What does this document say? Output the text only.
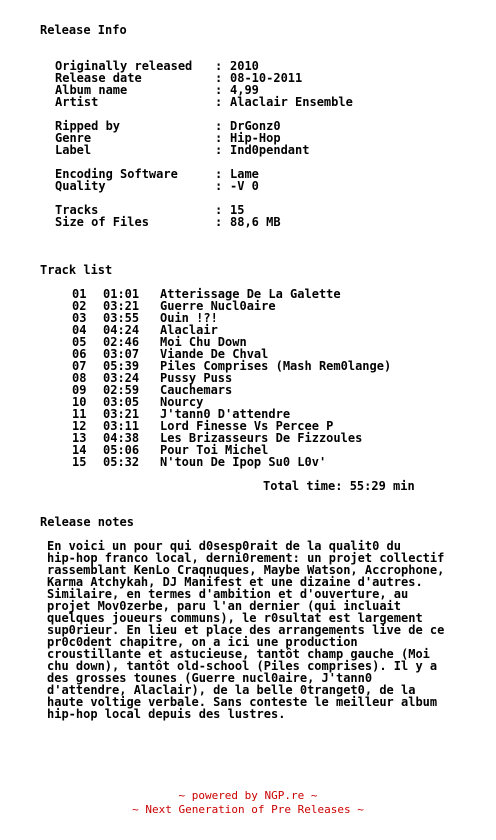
Release Info
Originally released : 2010
Release date	: 08-10-2011
Album name	: 4,99
Artist	: Alaclair Ensemble
Ripped by	: DrGonz0
Genre	: Hip-Hop
Label	: Ind0pendant
Encoding Software	: Lame
Quality	: -V 0
Tracks	: 15
Size of Files	: 88,6 MB
Track list
01 01:01 Atterissage De La Galette
02 03:21 Guerre Nucl0aire
03 03:55 Ouin !?!
04 04:24 Alaclair
05 02:46 Moi Chu Down
06 03:07 Viande De Chval
07 05:39 Piles Comprises (Mash Rem0lange)
08 03:24 Pussy Puss
09 02:59 Cauchemars
10 03:05 Nourcy
11 03:21 J'tann0 D'attendre
12 03:11 Lord Finesse Vs Percee P
13 04:38 Les Brizasseurs De Fizzoules
14 05:06 Pour Toi Michel
15 05:32 N'toun De Ipop Su0 L0v'
Total time: 55:29 min
Release notes
En voici un pour qui d0sesp0rait de la qualit0 du
hip-hop franco local, derni0rement: un projet collectif
rassemblant KenLo Craqnuques, Maybe Watson, Accrophone,
Karma Atchykah, DJ Manifest et une dizaine d'autres.
Similaire, en termes d'ambition et d'ouverture, au
projet Mov0zerbe, paru l'an dernier (qui incluait
quelques joueurs communs), le r0sultat est largement
sup0rieur. En lieu et place des arrangements live de ce
pr0c0dent chapitre, on a ici une production
croustillante et astucieuse, tantôt champ gauche (Moi
chu down), tantôt old-school (Piles comprises). Il y a
des grosses tounes (Guerre nucl0aire, J'tann0
d'attendre, Alaclair), de la belle 0tranget0, de la
haute voltige verbale. Sans conteste le meilleur album
hip-hop local depuis des lustres.
~ powered by NGP.re ~
~ Next Generation of Pre Releases ~
